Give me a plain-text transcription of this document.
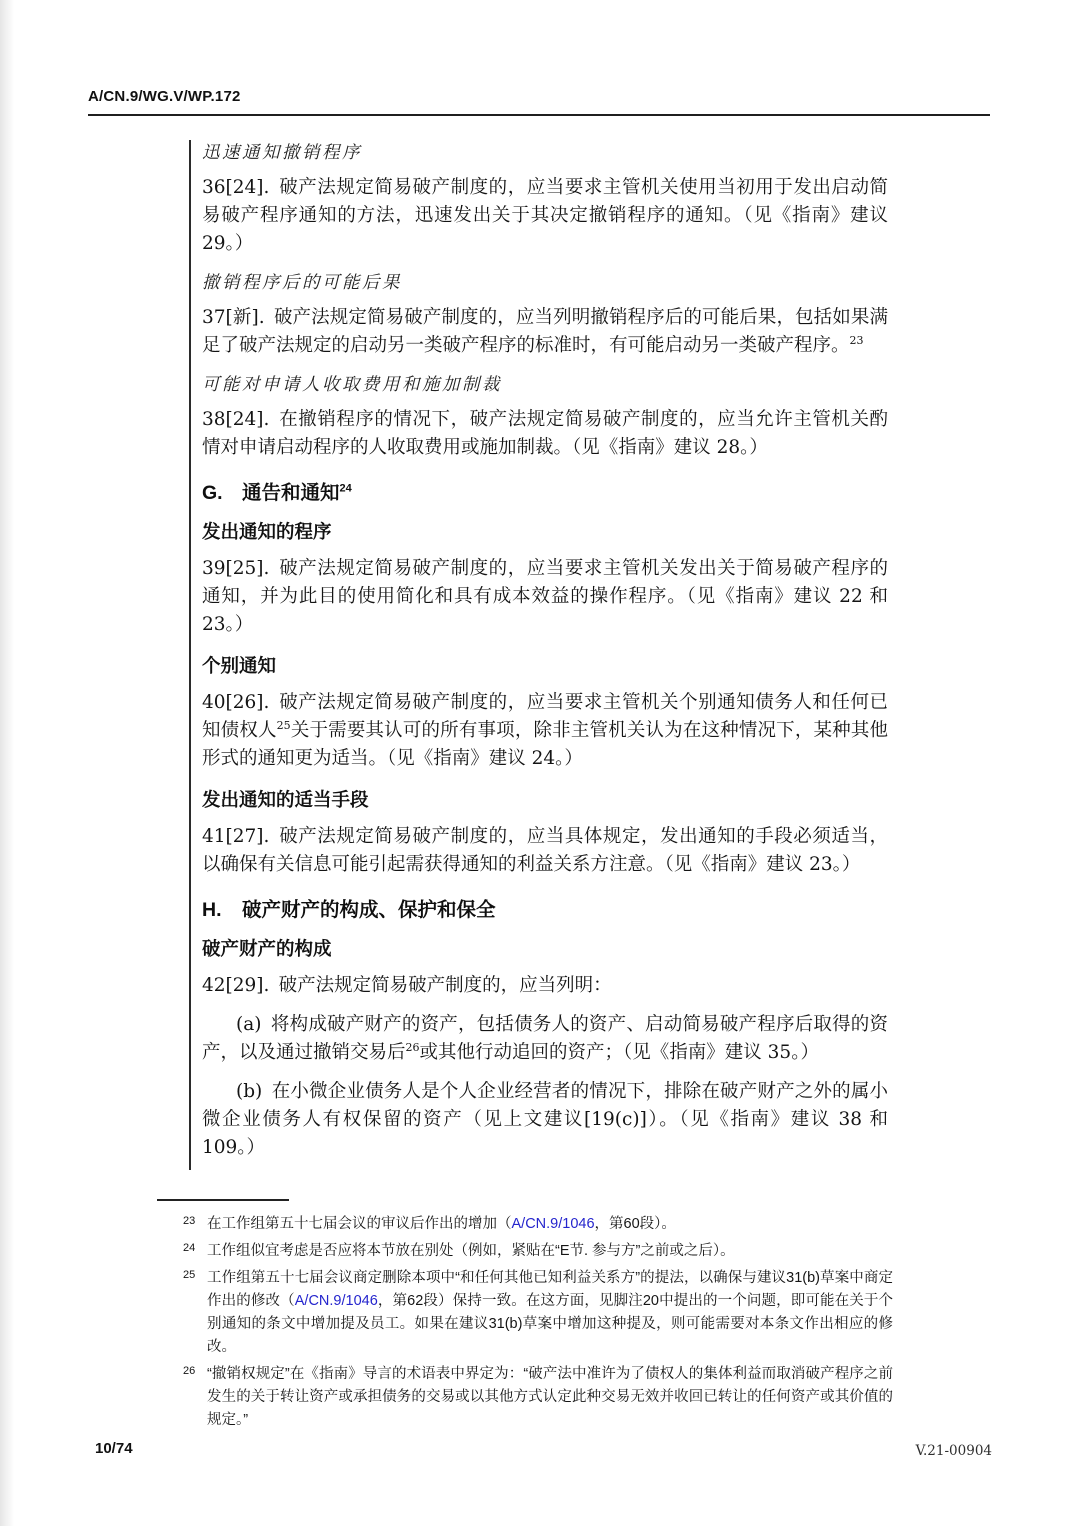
A/CN.9/WG.V/WP.172
迅速通知撤销程序
36[24]. 破产法规定简易破产制度的，应当要求主管机关使用当初用于发出启动简易破产程序通知的方法，迅速发出关于其决定撤销程序的通知。（见《指南》建议 29。）
撤销程序后的可能后果
37[新]. 破产法规定简易破产制度的，应当列明撤销程序后的可能后果，包括如果满足了破产法规定的启动另一类破产程序的标准时，有可能启动另一类破产程序。$^{23}$
可能对申请人收取费用和施加制裁
38[24]. 在撤销程序的情况下，破产法规定简易破产制度的，应当允许主管机关酌情对申请启动程序的人收取费用或施加制裁。（见《指南》建议 28。）
G. 通告和通知$^{24}$
发出通知的程序
39[25]. 破产法规定简易破产制度的，应当要求主管机关发出关于简易破产程序的通知，并为此目的使用简化和具有成本效益的操作程序。（见《指南》建议 22 和 23。）
个别通知
40[26]. 破产法规定简易破产制度的，应当要求主管机关个别通知债务人和任何已知债权人$^{25}$关于需要其认可的所有事项，除非主管机关认为在这种情况下，某种其他形式的通知更为适当。（见《指南》建议 24。）
发出通知的适当手段
41[27]. 破产法规定简易破产制度的，应当具体规定，发出通知的手段必须适当，以确保有关信息可能引起需获得通知的利益关系方注意。（见《指南》建议 23。）
H. 破产财产的构成、保护和保全
破产财产的构成
42[29]. 破产法规定简易破产制度的，应当列明：
(a) 将构成破产财产的资产，包括债务人的资产、启动简易破产程序后取得的资产，以及通过撤销交易后$^{26}$或其他行动追回的资产；（见《指南》建议 35。）
(b) 在小微企业债务人是个人企业经营者的情况下，排除在破产财产之外的属小微企业债务人有权保留的资产（见上文建议[19(c)]）。（见《指南》建议 38 和 109。）
23 在工作组第五十七届会议的审议后作出的增加（A/CN.9/1046，第60段）。
24 工作组似宜考虑是否应将本节放在别处（例如，紧贴在“E节. 参与方”之前或之后）。
25 工作组第五十七届会议商定删除本项中“和任何其他已知利益关系方”的提法，以确保与建议31(b)草案中商定作出的修改（A/CN.9/1046，第62段）保持一致。在这方面，见脚注20中提出的一个问题，即可能在关于个别通知的条文中增加提及员工。如果在建议31(b)草案中增加这种提及，则可能需要对本条文作出相应的修改。
26 “撤销权规定”在《指南》导言的术语表中界定为：“破产法中准许为了债权人的集体利益而取消破产程序之前发生的关于转让资产或承担债务的交易或以其他方式认定此种交易无效并收回已转让的任何资产或其价值的规定。”
10/74	V.21-00904
